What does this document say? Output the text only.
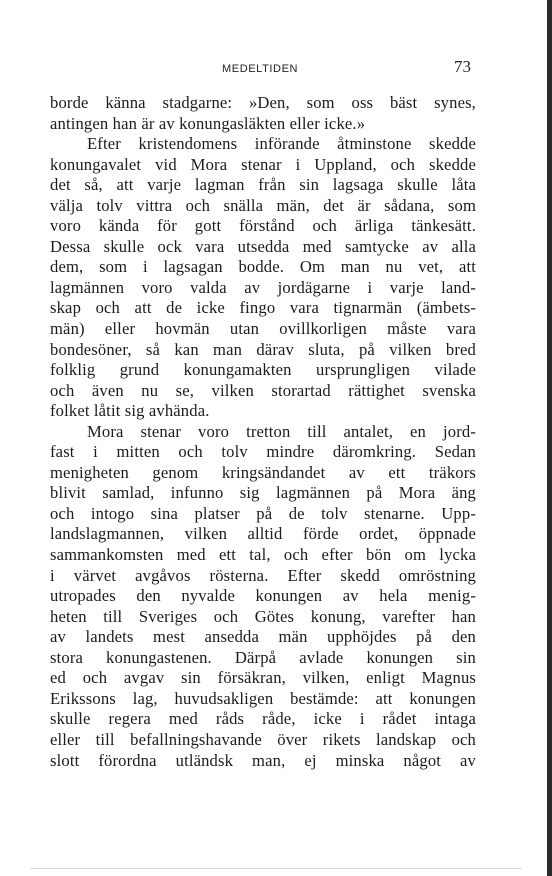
MEDELTIDEN	73
borde känna stadgarne: »Den, som oss bäst synes,
antingen han är av konungasläkten eller icke.»
Efter kristendomens införande åtminstone skedde
konungavalet vid Mora stenar i Uppland, och skedde
det så, att varje lagman från sin lagsaga skulle låta
välja tolv vittra och snälla män, det är sådana, som
voro kända för gott förstånd och ärliga tänkesätt.
Dessa skulle ock vara utsedda med samtycke av alla
dem, som i lagsagan bodde. Om man nu vet, att
lagmännen voro valda av jordägarne i varje land-
skap och att de icke fingo vara tignarmän (ämbets-
män) eller hovmän utan ovillkorligen måste vara
bondesöner, så kan man därav sluta, på vilken bred
folklig grund konungamakten ursprungligen vilade
och även nu se, vilken storartad rättighet svenska
folket låtit sig avhända.
Mora stenar voro tretton till antalet, en jord-
fast i mitten och tolv mindre däromkring. Sedan
menigheten genom kringsändandet av ett träkors
blivit samlad, infunno sig lagmännen på Mora äng
och intogo sina platser på de tolv stenarne. Upp-
landslagmannen, vilken alltid förde ordet, öppnade
sammankomsten med ett tal, och efter bön om lycka
i värvet avgåvos rösterna. Efter skedd omröstning
utropades den nyvalde konungen av hela menig-
heten till Sveriges och Götes konung, varefter han
av landets mest ansedda män upphöjdes på den
stora konungastenen. Därpå avlade konungen sin
ed och avgav sin försäkran, vilken, enligt Magnus
Erikssons lag, huvudsakligen bestämde: att konungen
skulle regera med råds råde, icke i rådet intaga
eller till befallningshavande över rikets landskap och
slott förordna utländsk man, ej minska något av
